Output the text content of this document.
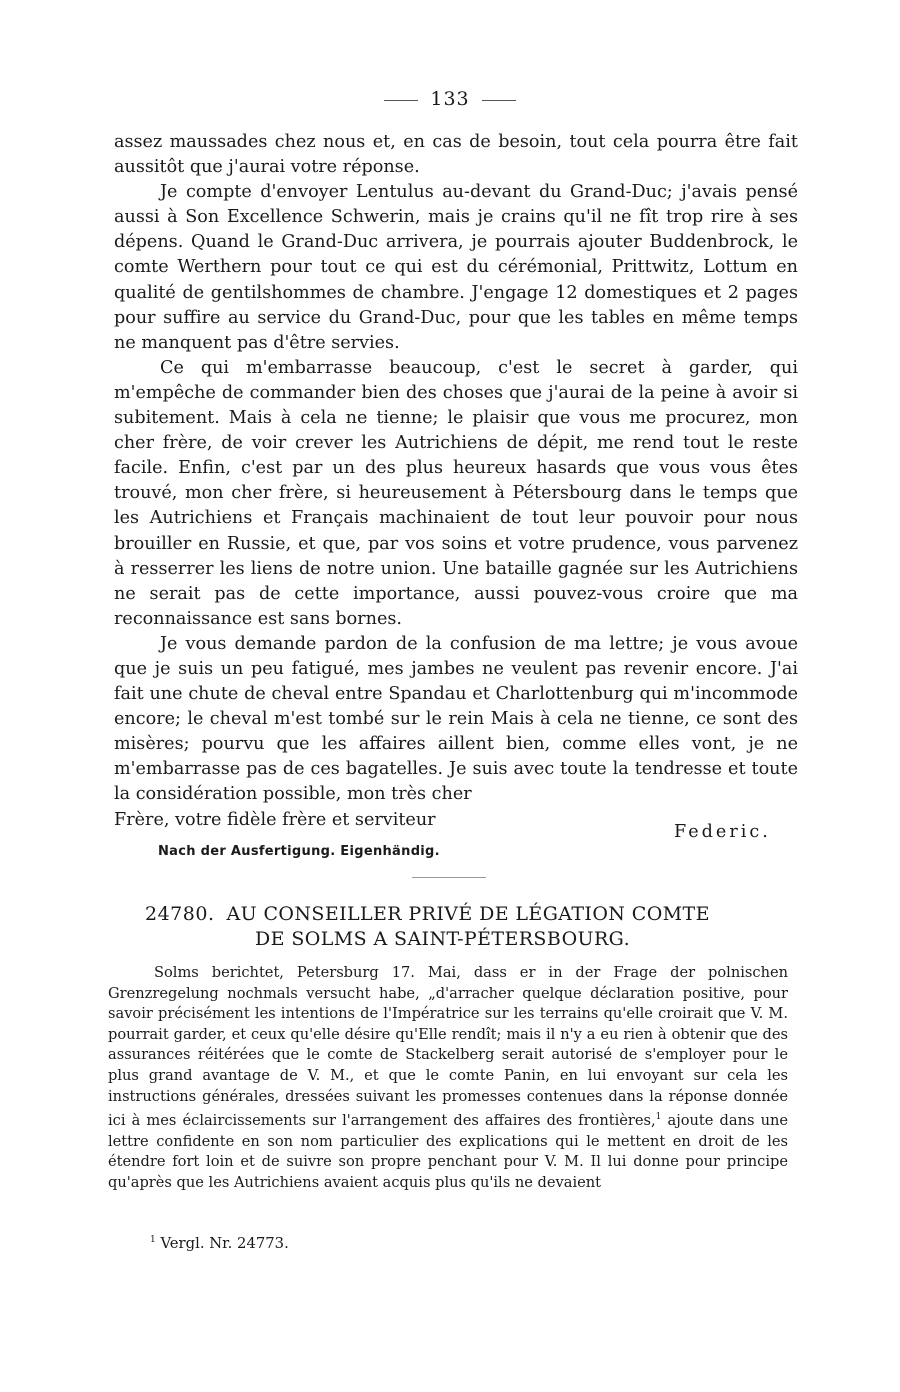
133

assez maussades chez nous et, en cas de besoin, tout cela pourra être fait aussitôt que j'aurai votre réponse.

Je compte d'envoyer Lentulus au-devant du Grand-Duc; j'avais pensé aussi à Son Excellence Schwerin, mais je crains qu'il ne fît trop rire à ses dépens. Quand le Grand-Duc arrivera, je pourrais ajouter Buddenbrock, le comte Werthern pour tout ce qui est du cérémonial, Prittwitz, Lottum en qualité de gentilshommes de chambre. J'engage 12 domestiques et 2 pages pour suffire au service du Grand-Duc, pour que les tables en même temps ne manquent pas d'être servies.

Ce qui m'embarrasse beaucoup, c'est le secret à garder, qui m'empêche de commander bien des choses que j'aurai de la peine à avoir si subitement. Mais à cela ne tienne; le plaisir que vous me procurez, mon cher frère, de voir crever les Autrichiens de dépit, me rend tout le reste facile. Enfin, c'est par un des plus heureux hasards que vous vous êtes trouvé, mon cher frère, si heureusement à Pétersbourg dans le temps que les Autrichiens et Français machinaient de tout leur pouvoir pour nous brouiller en Russie, et que, par vos soins et votre prudence, vous parvenez à resserrer les liens de notre union. Une bataille gagnée sur les Autrichiens ne serait pas de cette importance, aussi pouvez-vous croire que ma reconnaissance est sans bornes.

Je vous demande pardon de la confusion de ma lettre; je vous avoue que je suis un peu fatigué, mes jambes ne veulent pas revenir encore. J'ai fait une chute de cheval entre Spandau et Charlottenburg qui m'incommode encore; le cheval m'est tombé sur le rein Mais à cela ne tienne, ce sont des misères; pourvu que les affaires aillent bien, comme elles vont, je ne m'embarrasse pas de ces bagatelles. Je suis avec toute la tendresse et toute la considération possible, mon très cher

Frère, votre fidèle frère et serviteur
Federic.
Nach der Ausfertigung. Eigenhändig.
24780. AU CONSEILLER PRIVÉ DE LÉGATION COMTE
DE SOLMS A SAINT-PÉTERSBOURG.

Solms berichtet, Petersburg 17. Mai, dass er in der Frage der polnischen Grenzregelung nochmals versucht habe, „d'arracher quelque déclaration positive, pour savoir précisément les intentions de l'Impératrice sur les terrains qu'elle croirait que V. M. pourrait garder, et ceux qu'elle désire qu'Elle rendît; mais il n'y a eu rien à obtenir que des assurances réitérées que le comte de Stackelberg serait autorisé de s'employer pour le plus grand avantage de V. M., et que le comte Panin, en lui envoyant sur cela les instructions générales, dressées suivant les promesses contenues dans la réponse donnée ici à mes éclaircissements sur l'arrangement des affaires des frontières,$^1$ ajoute dans une lettre confidente en son nom particulier des explications qui le mettent en droit de les étendre fort loin et de suivre son propre penchant pour V. M. Il lui donne pour principe qu'après que les Autrichiens avaient acquis plus qu'ils ne devaient

$^1$ Vergl. Nr. 24773.
